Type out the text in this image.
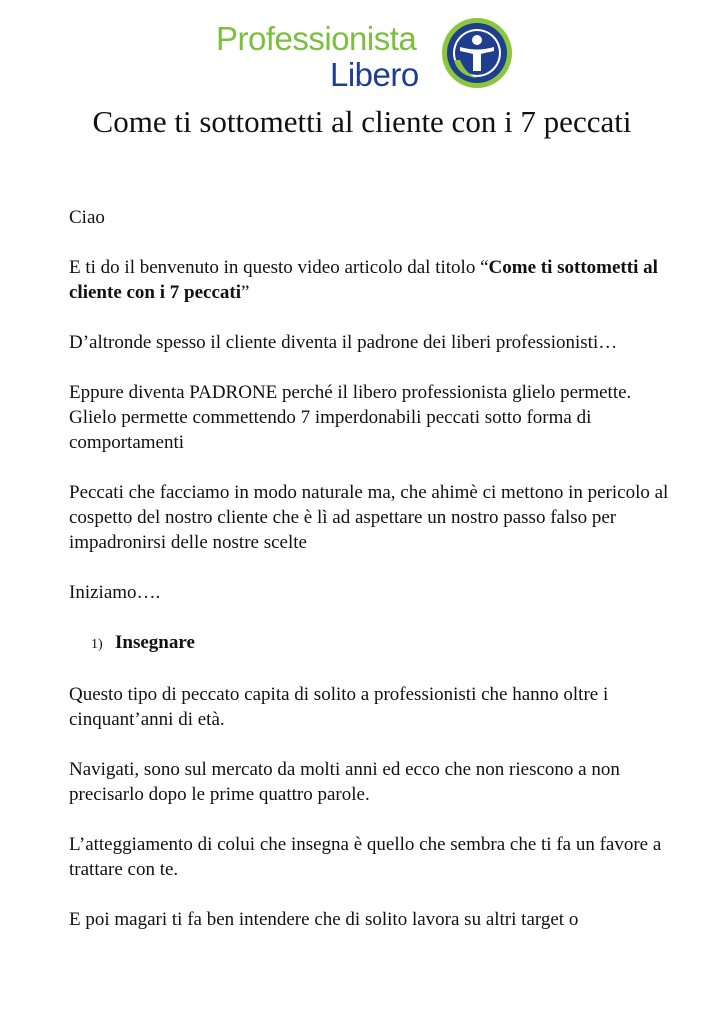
Professionista
Libero
Come ti sottometti al cliente con i 7 peccati

Ciao

E ti do il benvenuto in questo video articolo dal titolo “Come ti sottometti al cliente con i 7 peccati”

D’altronde spesso il cliente diventa il padrone dei liberi professionisti…

Eppure diventa PADRONE perché il libero professionista glielo permette. Glielo permette commettendo 7 imperdonabili peccati sotto forma di comportamenti

Peccati che facciamo in modo naturale ma, che ahimè ci mettono in pericolo al cospetto del nostro cliente che è lì ad aspettare un nostro passo falso per impadronirsi delle nostre scelte

Iniziamo….

1) Insegnare

Questo tipo di peccato capita di solito a professionisti che hanno oltre i cinquant’anni di età.

Navigati, sono sul mercato da molti anni ed ecco che non riescono a non precisarlo dopo le prime quattro parole.

L’atteggiamento di colui che insegna è quello che sembra che ti fa un favore a trattare con te.

E poi magari ti fa ben intendere che di solito lavora su altri target o
